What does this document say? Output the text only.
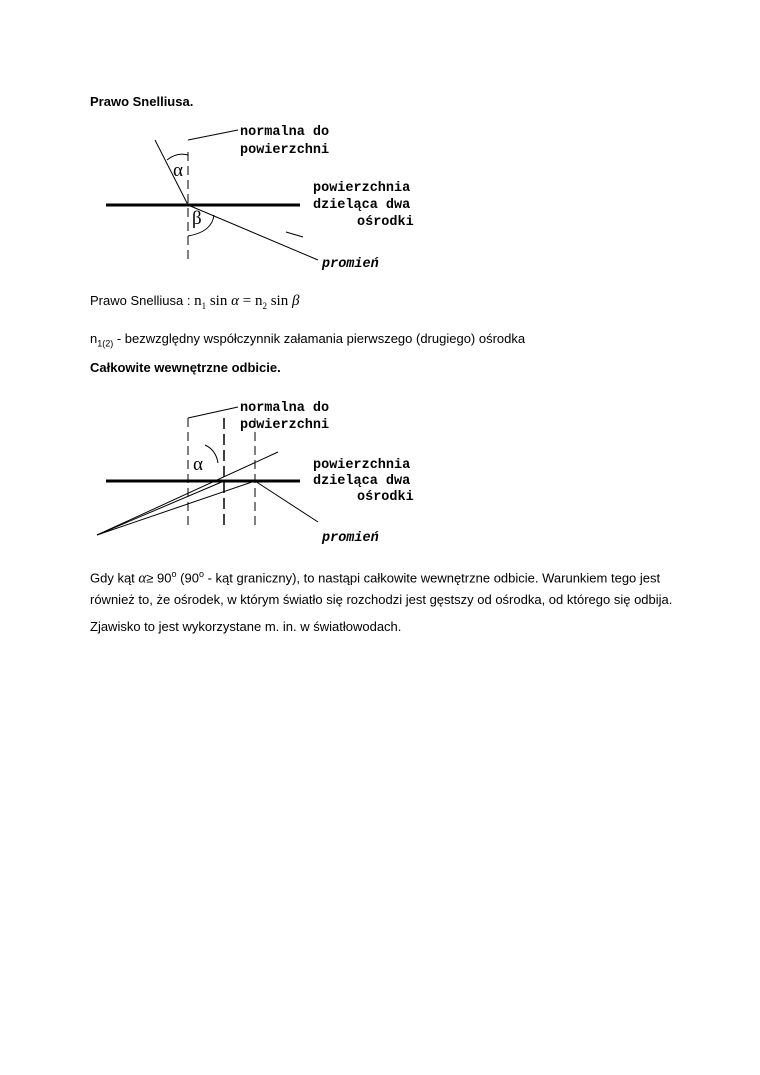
Prawo Snelliusa.
α
β
normalna do
powierzchni
powierzchnia
dzieląca dwa
ośrodki
promień
Prawo Snelliusa : $n_1$ $\sin \alpha = n_2$ sin β
$n_{1(2)}$ - bezwzględny współczynnik załamania pierwszego (drugiego) ośrodka
Całkowite wewnętrzne odbicie.
α
normalna do
powierzchni
powierzchnia
dzieląca dwa
ośrodki
promień
Gdy kąt $\alpha\ge 90^o$ (90$^o$ - kąt graniczny), to nastąpi całkowite wewnętrzne odbicie. Warunkiem tego jest również to, że ośrodek, w którym światło się rozchodzi jest gęstszy od ośrodka, od którego się odbija.
Zjawisko to jest wykorzystane m. in. w światłowodach.
